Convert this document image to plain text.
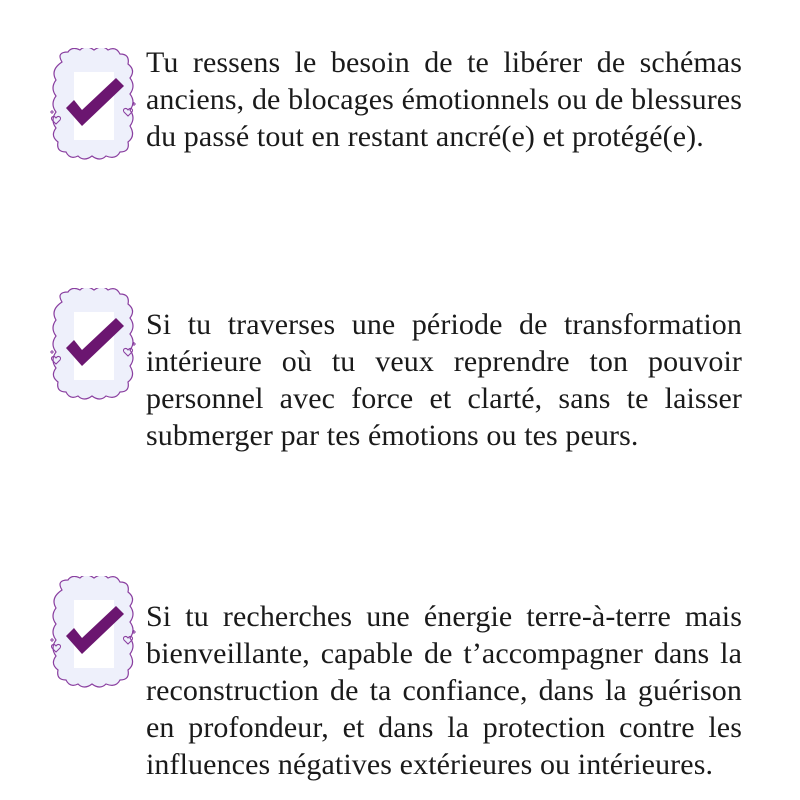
Tu ressens le besoin de te libérer de schémas anciens, de blocages émotionnels ou de blessures du passé tout en restant ancré(e) et protégé(e).

Si tu traverses une période de transformation intérieure où tu veux reprendre ton pouvoir personnel avec force et clarté, sans te laisser submerger par tes émotions ou tes peurs.

Si tu recherches une énergie terre-à-terre mais bienveillante, capable de t’accompagner dans la reconstruction de ta confiance, dans la guérison en profondeur, et dans la protection contre les influences négatives extérieures ou intérieures.
